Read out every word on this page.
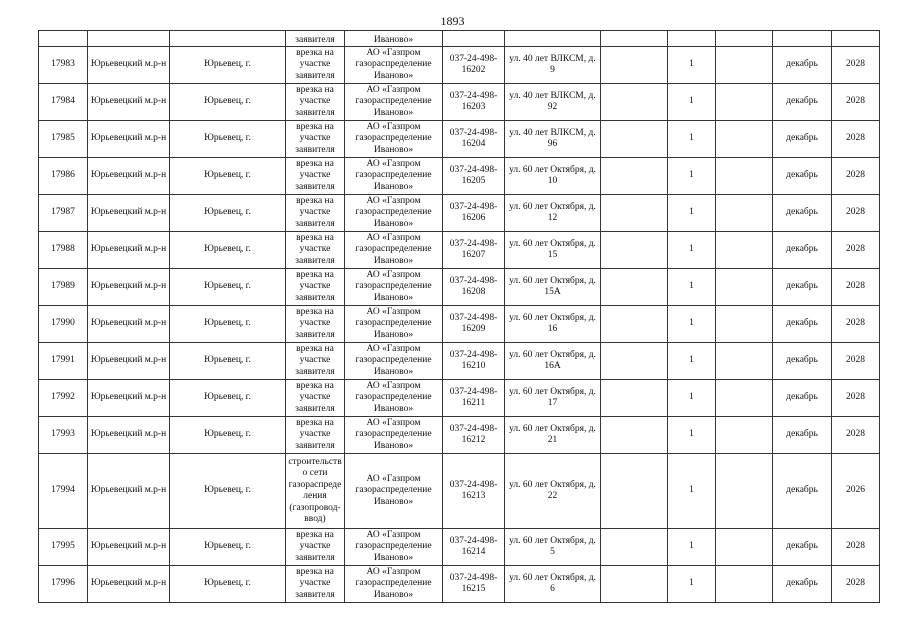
1893
			заявителя	Иваново»							
17983	Юрьевецкий м.р-н	Юрьевец, г.	врезка на участке заявителя	АО «Газпром газораспределение Иваново»	037-24-498-16202	ул. 40 лет ВЛКСМ, д. 9		1		декабрь	2028
17984	Юрьевецкий м.р-н	Юрьевец, г.	врезка на участке заявителя	АО «Газпром газораспределение Иваново»	037-24-498-16203	ул. 40 лет ВЛКСМ, д. 92		1		декабрь	2028
17985	Юрьевецкий м.р-н	Юрьевец, г.	врезка на участке заявителя	АО «Газпром газораспределение Иваново»	037-24-498-16204	ул. 40 лет ВЛКСМ, д. 96		1		декабрь	2028
17986	Юрьевецкий м.р-н	Юрьевец, г.	врезка на участке заявителя	АО «Газпром газораспределение Иваново»	037-24-498-16205	ул. 60 лет Октября, д. 10		1		декабрь	2028
17987	Юрьевецкий м.р-н	Юрьевец, г.	врезка на участке заявителя	АО «Газпром газораспределение Иваново»	037-24-498-16206	ул. 60 лет Октября, д. 12		1		декабрь	2028
17988	Юрьевецкий м.р-н	Юрьевец, г.	врезка на участке заявителя	АО «Газпром газораспределение Иваново»	037-24-498-16207	ул. 60 лет Октября, д. 15		1		декабрь	2028
17989	Юрьевецкий м.р-н	Юрьевец, г.	врезка на участке заявителя	АО «Газпром газораспределение Иваново»	037-24-498-16208	ул. 60 лет Октября, д. 15А		1		декабрь	2028
17990	Юрьевецкий м.р-н	Юрьевец, г.	врезка на участке заявителя	АО «Газпром газораспределение Иваново»	037-24-498-16209	ул. 60 лет Октября, д. 16		1		декабрь	2028
17991	Юрьевецкий м.р-н	Юрьевец, г.	врезка на участке заявителя	АО «Газпром газораспределение Иваново»	037-24-498-16210	ул. 60 лет Октября, д. 16А		1		декабрь	2028
17992	Юрьевецкий м.р-н	Юрьевец, г.	врезка на участке заявителя	АО «Газпром газораспределение Иваново»	037-24-498-16211	ул. 60 лет Октября, д. 17		1		декабрь	2028
17993	Юрьевецкий м.р-н	Юрьевец, г.	врезка на участке заявителя	АО «Газпром газораспределение Иваново»	037-24-498-16212	ул. 60 лет Октября, д. 21		1		декабрь	2028
17994	Юрьевецкий м.р-н	Юрьевец, г.	строительство сети газораспределения (газопровод-ввод)	АО «Газпром газораспределение Иваново»	037-24-498-16213	ул. 60 лет Октября, д. 22		1		декабрь	2026
17995	Юрьевецкий м.р-н	Юрьевец, г.	врезка на участке заявителя	АО «Газпром газораспределение Иваново»	037-24-498-16214	ул. 60 лет Октября, д. 5		1		декабрь	2028
17996	Юрьевецкий м.р-н	Юрьевец, г.	врезка на участке заявителя	АО «Газпром газораспределение Иваново»	037-24-498-16215	ул. 60 лет Октября, д. 6		1		декабрь	2028
